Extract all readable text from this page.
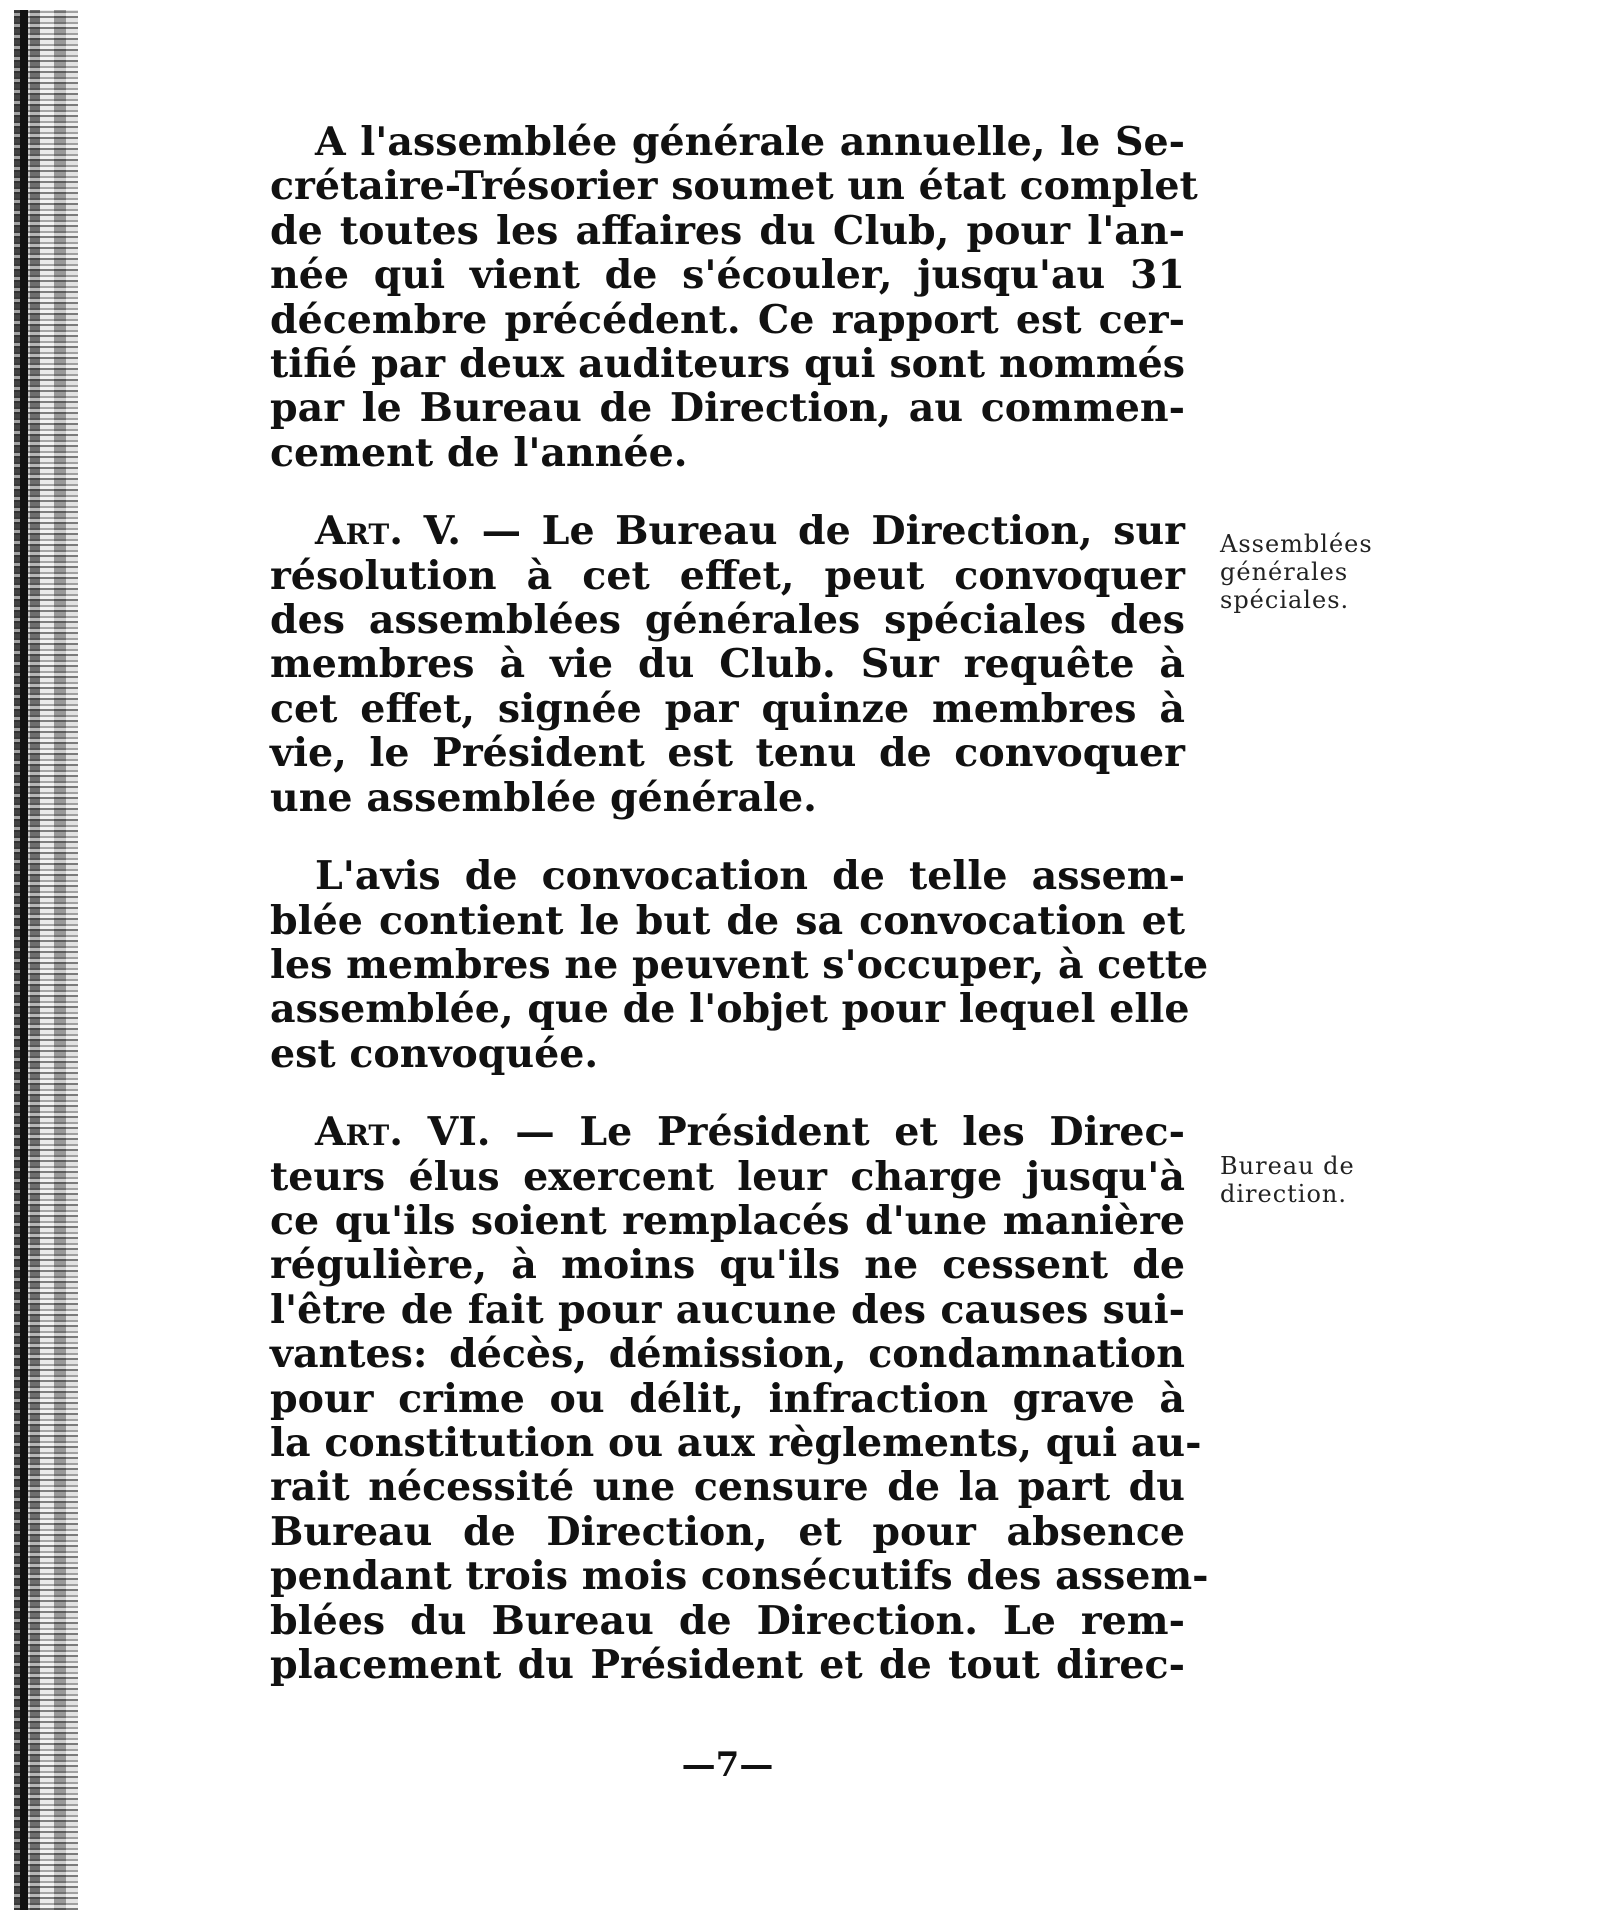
A l'assemblée générale annuelle, le Se-
crétaire-Trésorier soumet un état complet
de toutes les affaires du Club, pour l'an-
née qui vient de s'écouler, jusqu'au 31
décembre précédent. Ce rapport est cer-
tifié par deux auditeurs qui sont nommés
par le Bureau de Direction, au commen-
cement de l'année.
Art. V. — Le Bureau de Direction, sur
résolution à cet effet, peut convoquer
des assemblées générales spéciales des
membres à vie du Club. Sur requête à
cet effet, signée par quinze membres à
vie, le Président est tenu de convoquer
une assemblée générale.
L'avis de convocation de telle assem-
blée contient le but de sa convocation et
les membres ne peuvent s'occuper, à cette
assemblée, que de l'objet pour lequel elle
est convoquée.
Art. VI. — Le Président et les Direc-
teurs élus exercent leur charge jusqu'à
ce qu'ils soient remplacés d'une manière
régulière, à moins qu'ils ne cessent de
l'être de fait pour aucune des causes sui-
vantes: décès, démission, condamnation
pour crime ou délit, infraction grave à
la constitution ou aux règlements, qui au-
rait nécessité une censure de la part du
Bureau de Direction, et pour absence
pendant trois mois consécutifs des assem-
blées du Bureau de Direction. Le rem-
placement du Président et de tout direc-
Assemblées
générales
spéciales.
Bureau de
direction.
—7—
